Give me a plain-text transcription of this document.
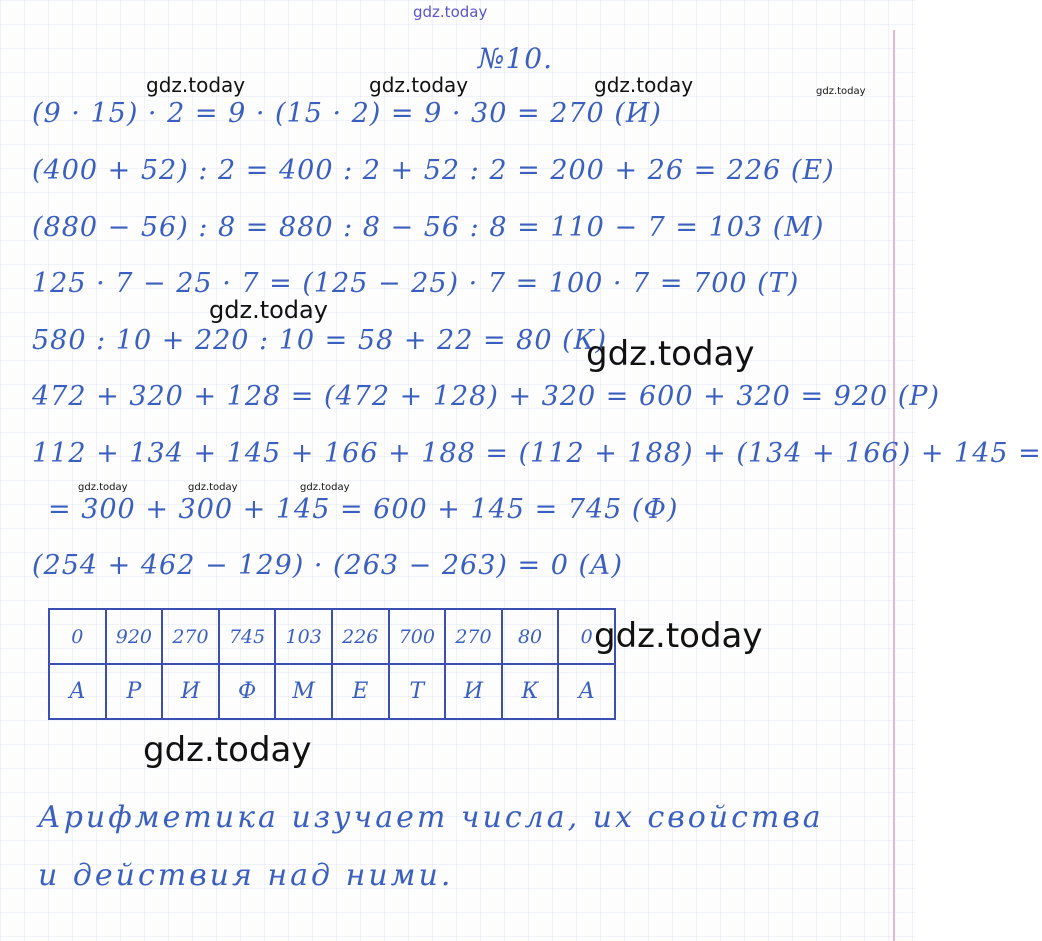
gdz.today
№10.
gdz.today	gdz.today	gdz.today	gdz.today
(9 · 15) · 2 = 9 · (15 · 2) = 9 · 30 = 270 (И)
(400 + 52) : 2 = 400 : 2 + 52 : 2 = 200 + 26 = 226 (Е)
(880 − 56) : 8 = 880 : 8 − 56 : 8 = 110 − 7 = 103 (М)
125 · 7 − 25 · 7 = (125 − 25) · 7 = 100 · 7 = 700 (Т)
gdz.today
580 : 10 + 220 : 10 = 58 + 22 = 80 (К)
gdz.today
472 + 320 + 128 = (472 + 128) + 320 = 600 + 320 = 920 (Р)
112 + 134 + 145 + 166 + 188 = (112 + 188) + (134 + 166) + 145 =
gdz.today	gdz.today	gdz.today
= 300 + 300 + 145 = 600 + 145 = 745 (Ф)
(254 + 462 − 129) · (263 − 263) = 0 (А)
0	920	270	745	103	226	700	270	80	0
А	Р	И	Ф	М	Е	Т	И	К	А
gdz.today
gdz.today
Арифметика изучает числа, их свойства
и действия над ними.
